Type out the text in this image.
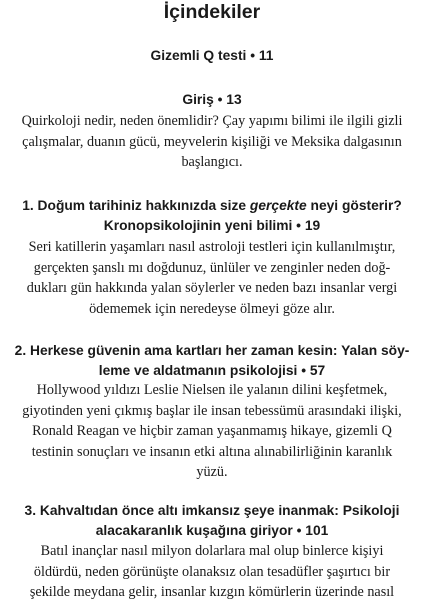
İçindekiler
Gizemli Q testi • 11
Giriş • 13
Quirkoloji nedir, neden önemlidir? Çay yapımı bilimi ile ilgili gizli
çalışmalar, duanın gücü, meyvelerin kişiliği ve Meksika dalgasının
başlangıcı.
1. Doğum tarihiniz hakkınızda size gerçekte neyi gösterir?
Kronopsikolojinin yeni bilimi • 19
Seri katillerin yaşamları nasıl astroloji testleri için kullanılmıştır,
gerçekten şanslı mı doğdunuz, ünlüler ve zenginler neden doğ-
dukları gün hakkında yalan söylerler ve neden bazı insanlar vergi
ödememek için neredeyse ölmeyi göze alır.
2. Herkese güvenin ama kartları her zaman kesin: Yalan söy-
leme ve aldatmanın psikolojisi • 57
Hollywood yıldızı Leslie Nielsen ile yalanın dilini keşfetmek,
giyotinden yeni çıkmış başlar ile insan tebessümü arasındaki ilişki,
Ronald Reagan ve hiçbir zaman yaşanmamış hikaye, gizemli Q
testinin sonuçları ve insanın etki altına alınabilirliğinin karanlık
yüzü.
3. Kahvaltıdan önce altı imkansız şeye inanmak: Psikoloji
alacakaranlık kuşağına giriyor • 101
Batıl inançlar nasıl milyon dolarlara mal olup binlerce kişiyi
öldürdü, neden görünüşte olanaksız olan tesadüfler şaşırtıcı bir
şekilde meydana gelir, insanlar kızgın kömürlerin üzerinde nasıl
